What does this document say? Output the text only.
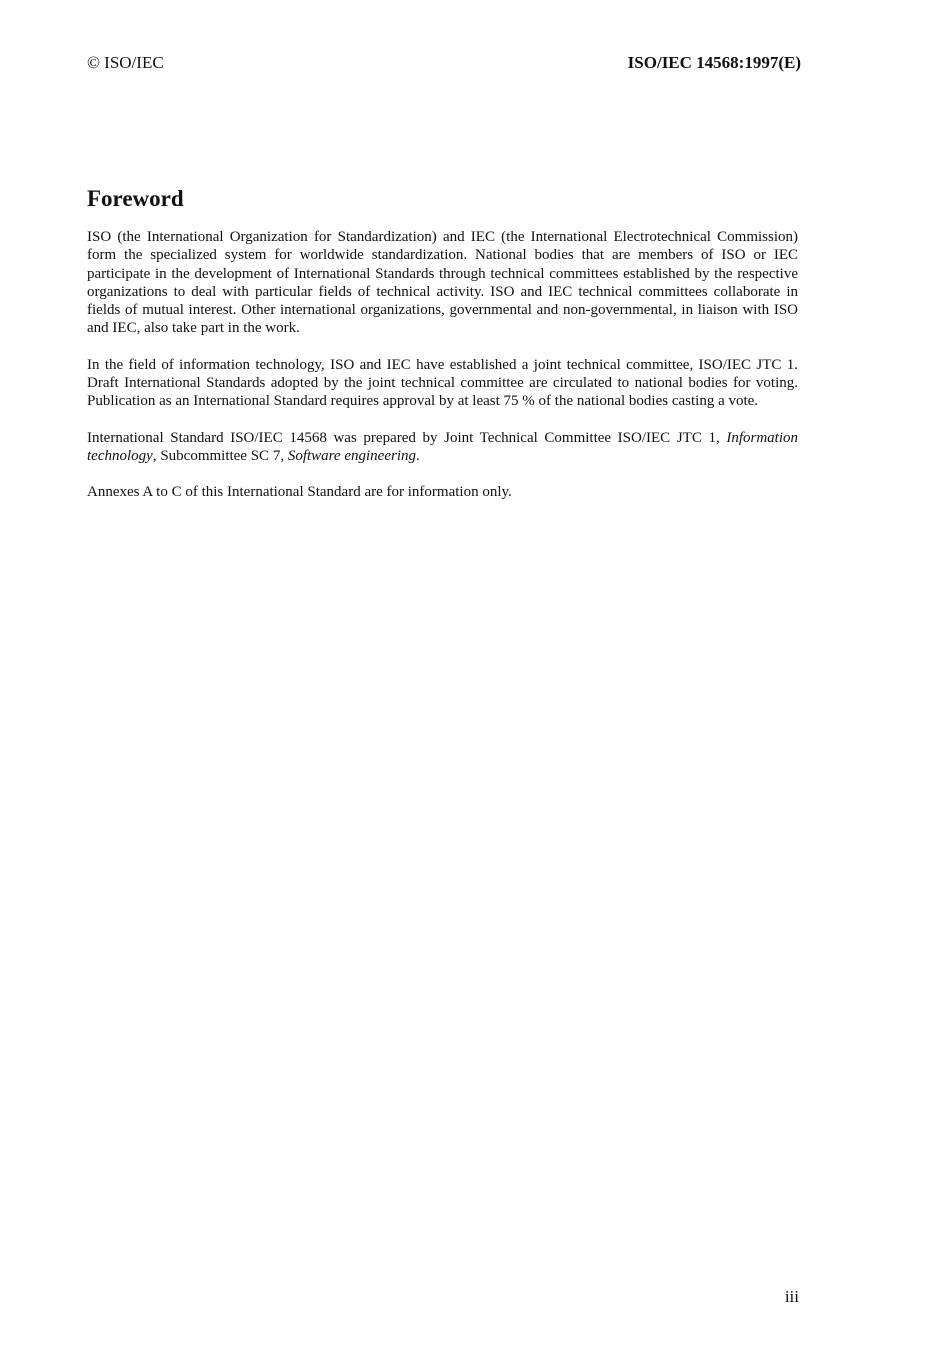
© ISO/IEC	ISO/IEC 14568:1997(E)
Foreword

ISO (the International Organization for Standardization) and IEC (the International Electrotechnical Commission) form the specialized system for worldwide standardization. National bodies that are members of ISO or IEC participate in the development of International Standards through technical committees established by the respective organizations to deal with particular fields of technical activity. ISO and IEC technical committees collaborate in fields of mutual interest. Other international organizations, governmental and non-governmental, in liaison with ISO and IEC, also take part in the work.

In the field of information technology, ISO and IEC have established a joint technical committee, ISO/IEC JTC 1. Draft International Standards adopted by the joint technical committee are circulated to national bodies for voting. Publication as an International Standard requires approval by at least 75 % of the national bodies casting a vote.

International Standard ISO/IEC 14568 was prepared by Joint Technical Committee ISO/IEC JTC 1, Information technology, Subcommittee SC 7, Software engineering.

Annexes A to C of this International Standard are for information only.

iii
